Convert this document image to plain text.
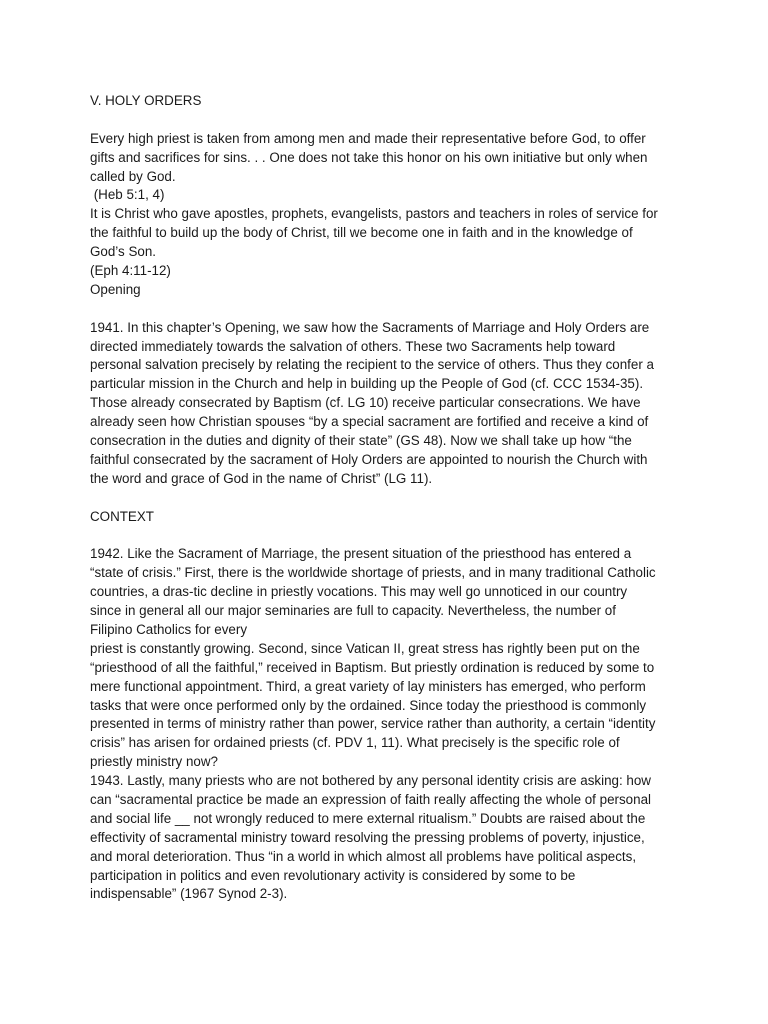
V. HOLY ORDERS
Every high priest is taken from among men and made their representative before God, to offer
gifts and sacrifices for sins. . . One does not take this honor on his own initiative but only when
called by God.
(Heb 5:1, 4)
It is Christ who gave apostles, prophets, evangelists, pastors and teachers in roles of service for
the faithful to build up the body of Christ, till we become one in faith and in the knowledge of
God’s Son.
(Eph 4:11-12)
Opening
1941. In this chapter’s Opening, we saw how the Sacraments of Marriage and Holy Orders are
directed immediately towards the salvation of others. These two Sacraments help toward
personal salvation precisely by relating the recipient to the service of others. Thus they confer a
particular mission in the Church and help in building up the People of God (cf. CCC 1534-35).
Those already consecrated by Baptism (cf. LG 10) receive particular consecrations. We have
already seen how Christian spouses “by a special sacrament are fortified and receive a kind of
consecration in the duties and dignity of their state” (GS 48). Now we shall take up how “the
faithful consecrated by the sacrament of Holy Orders are appointed to nourish the Church with
the word and grace of God in the name of Christ” (LG 11).
CONTEXT
1942. Like the Sacrament of Marriage, the present situation of the priesthood has entered a
“state of crisis.” First, there is the worldwide shortage of priests, and in many traditional Catholic
countries, a dras-tic decline in priestly vocations. This may well go unnoticed in our country
since in general all our major seminaries are full to capacity. Nevertheless, the number of
Filipino Catholics for every
priest is constantly growing. Second, since Vatican II, great stress has rightly been put on the
“priesthood of all the faithful,” received in Baptism. But priestly ordination is reduced by some to
mere functional appointment. Third, a great variety of lay ministers has emerged, who perform
tasks that were once performed only by the ordained. Since today the priesthood is commonly
presented in terms of ministry rather than power, service rather than authority, a certain “identity
crisis” has arisen for ordained priests (cf. PDV 1, 11). What precisely is the specific role of
priestly ministry now?
1943. Lastly, many priests who are not bothered by any personal identity crisis are asking: how
can “sacramental practice be made an expression of faith really affecting the whole of personal
and social life __ not wrongly reduced to mere external ritualism.” Doubts are raised about the
effectivity of sacramental ministry toward resolving the pressing problems of poverty, injustice,
and moral deterioration. Thus “in a world in which almost all problems have political aspects,
participation in politics and even revolutionary activity is considered by some to be
indispensable” (1967 Synod 2-3).
